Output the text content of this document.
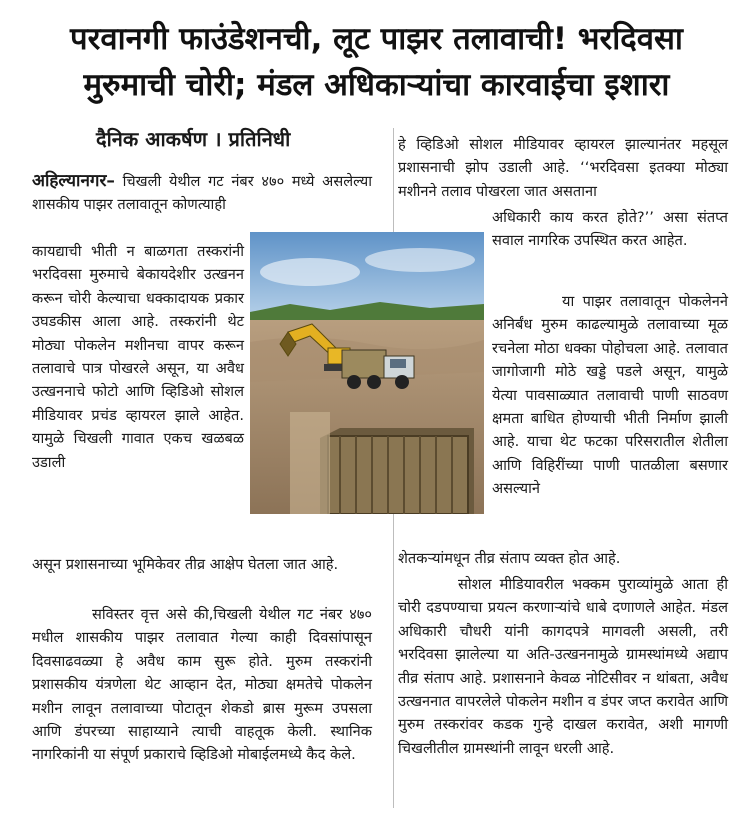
परवानगी फाउंडेशनची, लूट पाझर तलावाची! भरदिवसा
मुरुमाची चोरी; मंडल अधिकाऱ्यांचा कारवाईचा इशारा
दैनिक आकर्षण । प्रतिनिधी

अहिल्यानगर– चिखली येथील गट नंबर ४७० मध्ये असलेल्या शासकीय पाझर तलावातून कोणत्याही

कायद्याची भीती न बाळगता तस्करांनी भरदिवसा मुरुमाचे बेकायदेशीर उत्खनन करून चोरी केल्याचा धक्कादायक प्रकार उघडकीस आला आहे. तस्करांनी थेट मोठ्या पोकलेन मशीनचा वापर करून तलावाचे पात्र पोखरले असून, या अवैध उत्खननाचे फोटो आणि व्हिडिओ सोशल मीडियावर प्रचंड व्हायरल झाले आहेत. यामुळे चिखली गावात एकच खळबळ उडाली

असून प्रशासनाच्या भूमिकेवर तीव्र आक्षेप घेतला जात आहे.

सविस्तर वृत्त असे की,चिखली येथील गट नंबर ४७० मधील शासकीय पाझर तलावात गेल्या काही दिवसांपासून दिवसाढवळ्या हे अवैध काम सुरू होते. मुरुम तस्करांनी प्रशासकीय यंत्रणेला थेट आव्हान देत, मोठ्या क्षमतेचे पोकलेन मशीन लावून तलावाच्या पोटातून शेकडो ब्रास मुरूम उपसला आणि डंपरच्या साहाय्याने त्याची वाहतूक केली. स्थानिक नागरिकांनी या संपूर्ण प्रकाराचे व्हिडिओ मोबाईलमध्ये कैद केले.

हे व्हिडिओ सोशल मीडियावर व्हायरल झाल्यानंतर महसूल प्रशासनाची झोप उडाली आहे. ‘‘भरदिवसा इतक्या मोठ्या मशीनने तलाव पोखरला जात असताना

अधिकारी काय करत होते?’’ असा संतप्त सवाल नागरिक उपस्थित करत आहेत.

या पाझर तलावातून पोकलेनने अनिर्बंध मुरुम काढल्यामुळे तलावाच्या मूळ रचनेला मोठा धक्का पोहोचला आहे. तलावात जागोजागी मोठे खड्डे पडले असून, यामुळे येत्या पावसाळ्यात तलावाची पाणी साठवण क्षमता बाधित होण्याची भीती निर्माण झाली आहे. याचा थेट फटका परिसरातील शेतीला आणि विहिरींच्या पाणी पातळीला बसणार असल्याने

शेतकऱ्यांमधून तीव्र संताप व्यक्त होत आहे.

सोशल मीडियावरील भक्कम पुराव्यांमुळे आता ही चोरी दडपण्याचा प्रयत्न करणाऱ्यांचे धाबे दणाणले आहेत. मंडल अधिकारी चौधरी यांनी कागदपत्रे मागवली असली, तरी भरदिवसा झालेल्या या अति-उत्खननामुळे ग्रामस्थांमध्ये अद्याप तीव्र संताप आहे. प्रशासनाने केवळ नोटिसीवर न थांबता, अवैध उत्खननात वापरलेले पोकलेन मशीन व डंपर जप्त करावेत आणि मुरुम तस्करांवर कडक गुन्हे दाखल करावेत, अशी मागणी चिखलीतील ग्रामस्थांनी लावून धरली आहे.
